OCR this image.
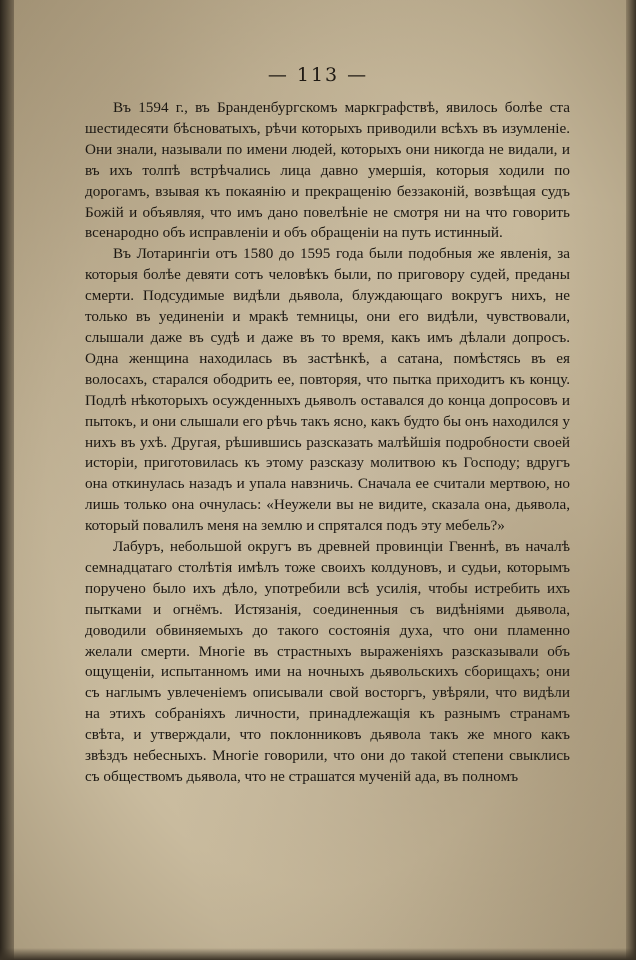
— 113 —

Въ 1594 г., въ Бранденбургскомъ маркграфствѣ, явилось болѣе ста шестидесяти бѣсноватыхъ, рѣчи которыхъ приводили всѣхъ въ изумленіе. Они знали, называли по имени людей, которыхъ они никогда не видали, и въ ихъ толпѣ встрѣчались лица давно умершія, которыя ходили по дорогамъ, взывая къ покаянію и прекращенію беззаконій, возвѣщая судъ Божій и объявляя, что имъ дано повелѣніе не смотря ни на что говорить всенародно объ исправленіи и объ обращеніи на путь истинный.

Въ Лотарингіи отъ 1580 до 1595 года были подобныя же явленія, за которыя болѣе девяти сотъ человѣкъ были, по приговору судей, преданы смерти. Подсудимые видѣли дьявола, блуждающаго вокругъ нихъ, не только въ уединеніи и мракѣ темницы, они его видѣли, чувствовали, слышали даже въ судѣ и даже въ то время, какъ имъ дѣлали допросъ. Одна женщина находилась въ застѣнкѣ, а сатана, помѣстясь въ ея волосахъ, старался ободрить ее, повторяя, что пытка приходитъ къ концу. Подлѣ нѣкоторыхъ осужденныхъ дьяволъ оставался до конца допросовъ и пытокъ, и они слышали его рѣчь такъ ясно, какъ будто бы онъ находился у нихъ въ ухѣ. Другая, рѣшившись разсказать малѣйшія подробности своей исторіи, приготовилась къ этому разсказу молитвою къ Господу; вдругъ она откинулась назадъ и упала навзничь. Сначала ее считали мертвою, но лишь только она очнулась: «Неужели вы не видите, сказала она, дьявола, который повалилъ меня на землю и спрятался подъ эту мебель?»

Лабуръ, небольшой округъ въ древней провинціи Гвеннѣ, въ началѣ семнадцатаго столѣтія имѣлъ тоже своихъ колдуновъ, и судьи, которымъ поручено было ихъ дѣло, употребили всѣ усилія, чтобы истребить ихъ пытками и огнёмъ. Истязанія, соединенныя съ видѣніями дьявола, доводили обвиняемыхъ до такого состоянія духа, что они пламенно желали смерти. Многіе въ страстныхъ выраженіяхъ разсказывали объ ощущеніи, испытанномъ ими на ночныхъ дьявольскихъ сборищахъ; они съ наглымъ увлеченіемъ описывали свой восторгъ, увѣряли, что видѣли на этихъ собраніяхъ личности, принадлежащія къ разнымъ странамъ свѣта, и утверждали, что поклонниковъ дьявола такъ же много какъ звѣздъ небесныхъ. Многіе говорили, что они до такой степени свыклись съ обществомъ дьявола, что не страшатся мученій ада, въ полномъ
